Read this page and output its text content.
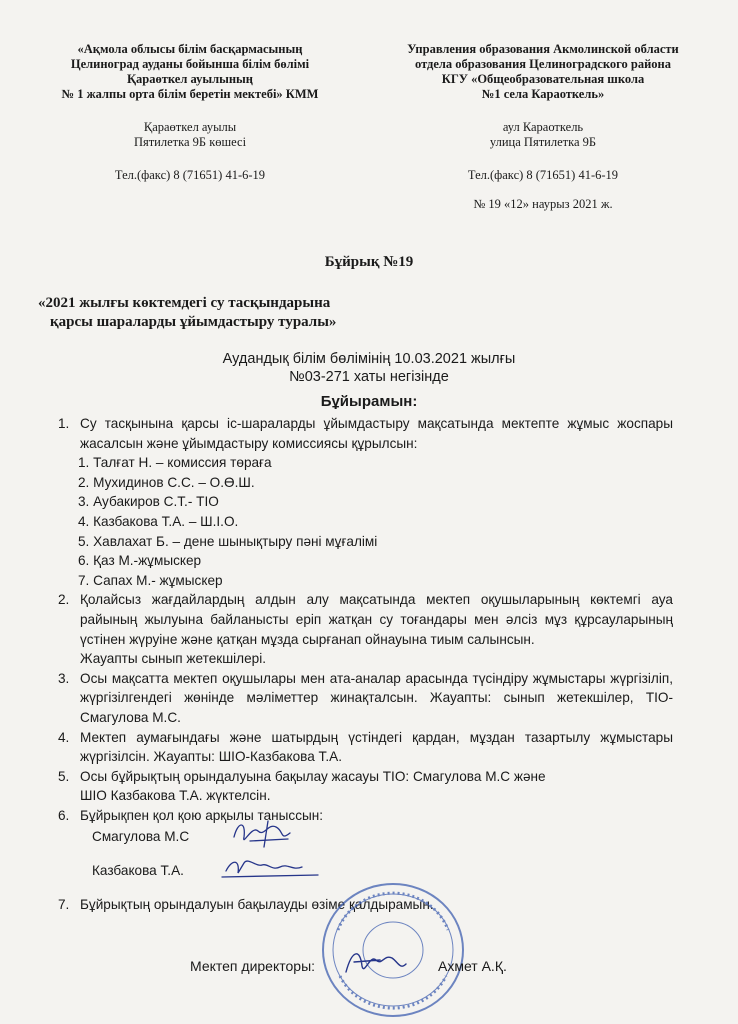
«Ақмола облысы білім басқармасының
Целиноград ауданы бойынша білім бөлімі
Қараөткел ауылының
№ 1 жалпы орта білім беретін мектебі» КММ
Қараөткел ауылы
Пятилетка 9Б көшесі
Тел.(факс) 8 (71651) 41-6-19
Управления образования Акмолинской области
отдела образования Целиноградского района
КГУ «Общеобразовательная школа
№1 села Караоткель»
аул Караоткель
улица Пятилетка 9Б
Тел.(факс) 8 (71651) 41-6-19
№ 19 «12» наурыз 2021 ж.
Бұйрық №19
«2021 жылғы көктемдегі су тасқындарына
қарсы шараларды ұйымдастыру туралы»
Аудандық білім бөлімінің 10.03.2021 жылғы
№03-271 хаты негізінде
Бұйырамын:
1. Су тасқынына қарсы іс-шараларды ұйымдастыру мақсатында мектепте жұмыс жоспары жасалсын және ұйымдастыру комиссиясы құрылсын:
1. Талғат Н. – комиссия төраға
2. Мухидинов С.С. – О.Ө.Ш.
3. Аубакиров С.Т.- ТІО
4. Казбакова Т.А. – Ш.І.О.
5. Хавлахат Б. – дене шынықтыру пәні мұғалімі
6. Қаз М.-жұмыскер
7. Сапах М.- жұмыскер
2. Қолайсыз жағдайлардың алдын алу мақсатында мектеп оқушыларының көктемгі ауа райының жылуына байланысты еріп жатқан су тоғандары мен әлсіз мұз құрсауларының үстінен жүруіне және қатқан мұзда сырғанап ойнауына тиым салынсын.
Жауапты сынып жетекшілері.
3. Осы мақсатта мектеп оқушылары мен ата-аналар арасында түсіндіру жұмыстары жүргізіліп, жүргізілгендегі жөнінде мәліметтер жинақталсын. Жауапты: сынып жетекшілер, ТІО-Смагулова М.С.
4. Мектеп аумағындағы және шатырдың үстіндегі қардан, мұздан тазартылу жұмыстары жүргізілсін. Жауапты: ШІО-Казбакова Т.А.
5. Осы бұйрықтың орындалуына бақылау жасауы ТІО: Смагулова М.С және
ШІО Казбакова Т.А. жүктелсін.
6. Бұйрықпен қол қою арқылы таныссын:
Смагулова М.С
Казбакова Т.А.
7. Бұйрықтың орындалуын бақылауды өзіме қалдырамын.
Мектеп директоры:	Ахмет А.Қ.
